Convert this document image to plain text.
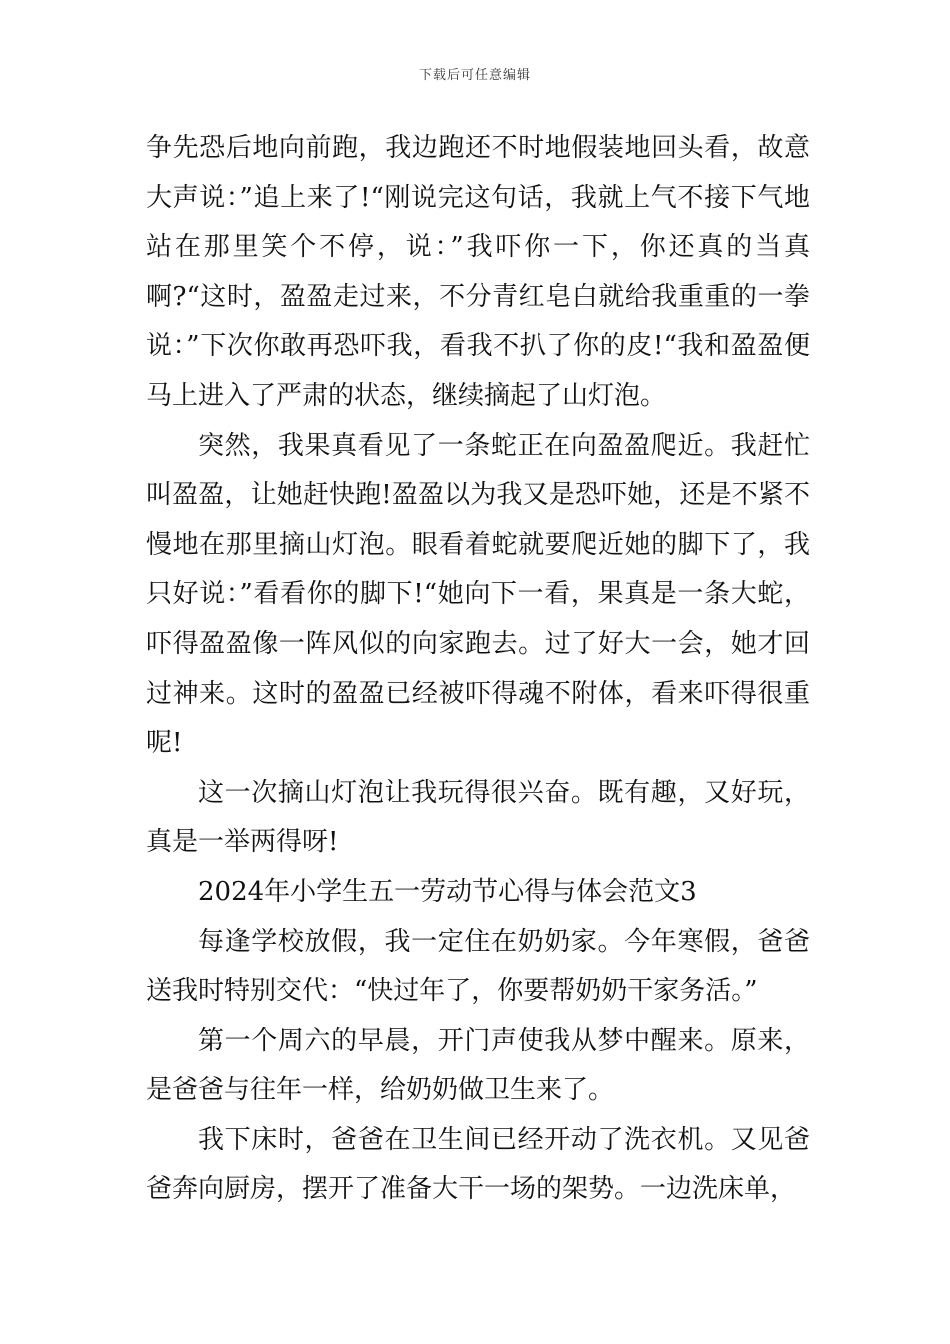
下载后可任意编辑

争先恐后地向前跑，我边跑还不时地假装地回头看，故意大声说：”追上来了!“刚说完这句话，我就上气不接下气地站在那里笑个不停，说：”我吓你一下，你还真的当真啊?“这时，盈盈走过来，不分青红皂白就给我重重的一拳说：”下次你敢再恐吓我，看我不扒了你的皮!“我和盈盈便马上进入了严肃的状态，继续摘起了山灯泡。

突然，我果真看见了一条蛇正在向盈盈爬近。我赶忙叫盈盈，让她赶快跑!盈盈以为我又是恐吓她，还是不紧不慢地在那里摘山灯泡。眼看着蛇就要爬近她的脚下了，我只好说：”看看你的脚下!“她向下一看，果真是一条大蛇，吓得盈盈像一阵风似的向家跑去。过了好大一会，她才回过神来。这时的盈盈已经被吓得魂不附体，看来吓得很重呢!

这一次摘山灯泡让我玩得很兴奋。既有趣，又好玩，真是一举两得呀!

2024年小学生五一劳动节心得与体会范文3

每逢学校放假，我一定住在奶奶家。今年寒假，爸爸送我时特别交代：“快过年了，你要帮奶奶干家务活。”

第一个周六的早晨，开门声使我从梦中醒来。原来，是爸爸与往年一样，给奶奶做卫生来了。

我下床时，爸爸在卫生间已经开动了洗衣机。又见爸爸奔向厨房，摆开了准备大干一场的架势。一边洗床单，
